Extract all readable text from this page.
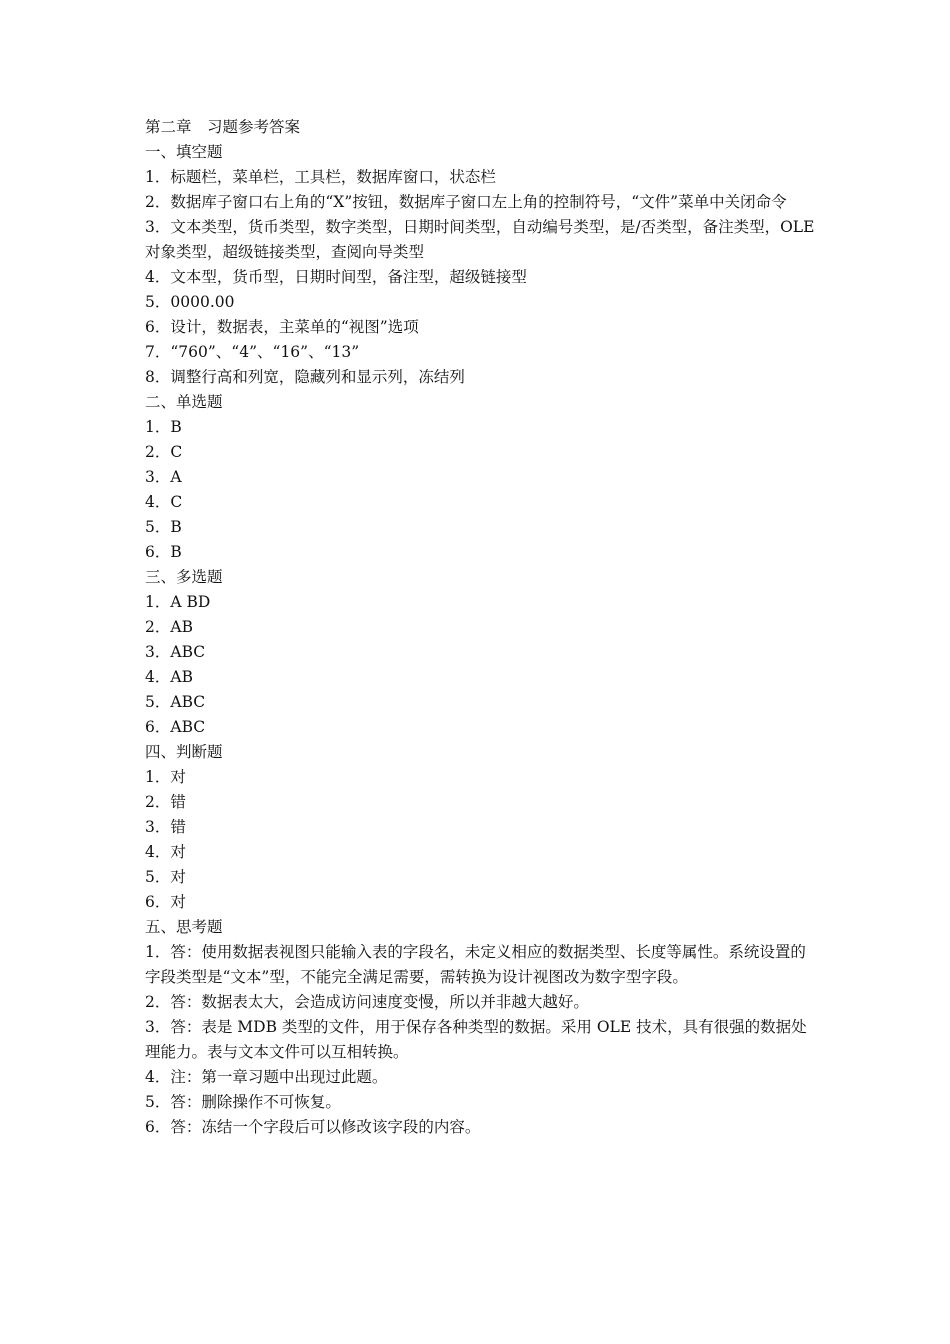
第二章　习题参考答案
一、填空题
1．标题栏，菜单栏，工具栏，数据库窗口，状态栏
2．数据库子窗口右上角的“X”按钮，数据库子窗口左上角的控制符号，“文件”菜单中关闭命令
3．文本类型，货币类型，数字类型，日期时间类型，自动编号类型，是/否类型，备注类型，OLE 对象类型，超级链接类型，查阅向导类型
4．文本型，货币型，日期时间型，备注型，超级链接型
5．0000.00
6．设计，数据表，主菜单的“视图”选项
7．“760”、“4”、“16”、“13”
8．调整行高和列宽，隐藏列和显示列，冻结列
二、单选题
1．B
2．C
3．A
4．C
5．B
6．B
三、多选题
1．A BD
2．AB
3．ABC
4．AB
5．ABC
6．ABC
四、判断题
1．对
2．错
3．错
4．对
5．对
6．对
五、思考题
1．答：使用数据表视图只能输入表的字段名，未定义相应的数据类型、长度等属性。系统设置的字段类型是“文本”型，不能完全满足需要，需转换为设计视图改为数字型字段。
2．答：数据表太大，会造成访问速度变慢，所以并非越大越好。
3．答：表是 MDB 类型的文件，用于保存各种类型的数据。采用 OLE 技术，具有很强的数据处理能力。表与文本文件可以互相转换。
4．注：第一章习题中出现过此题。
5．答：删除操作不可恢复。
6．答：冻结一个字段后可以修改该字段的内容。
